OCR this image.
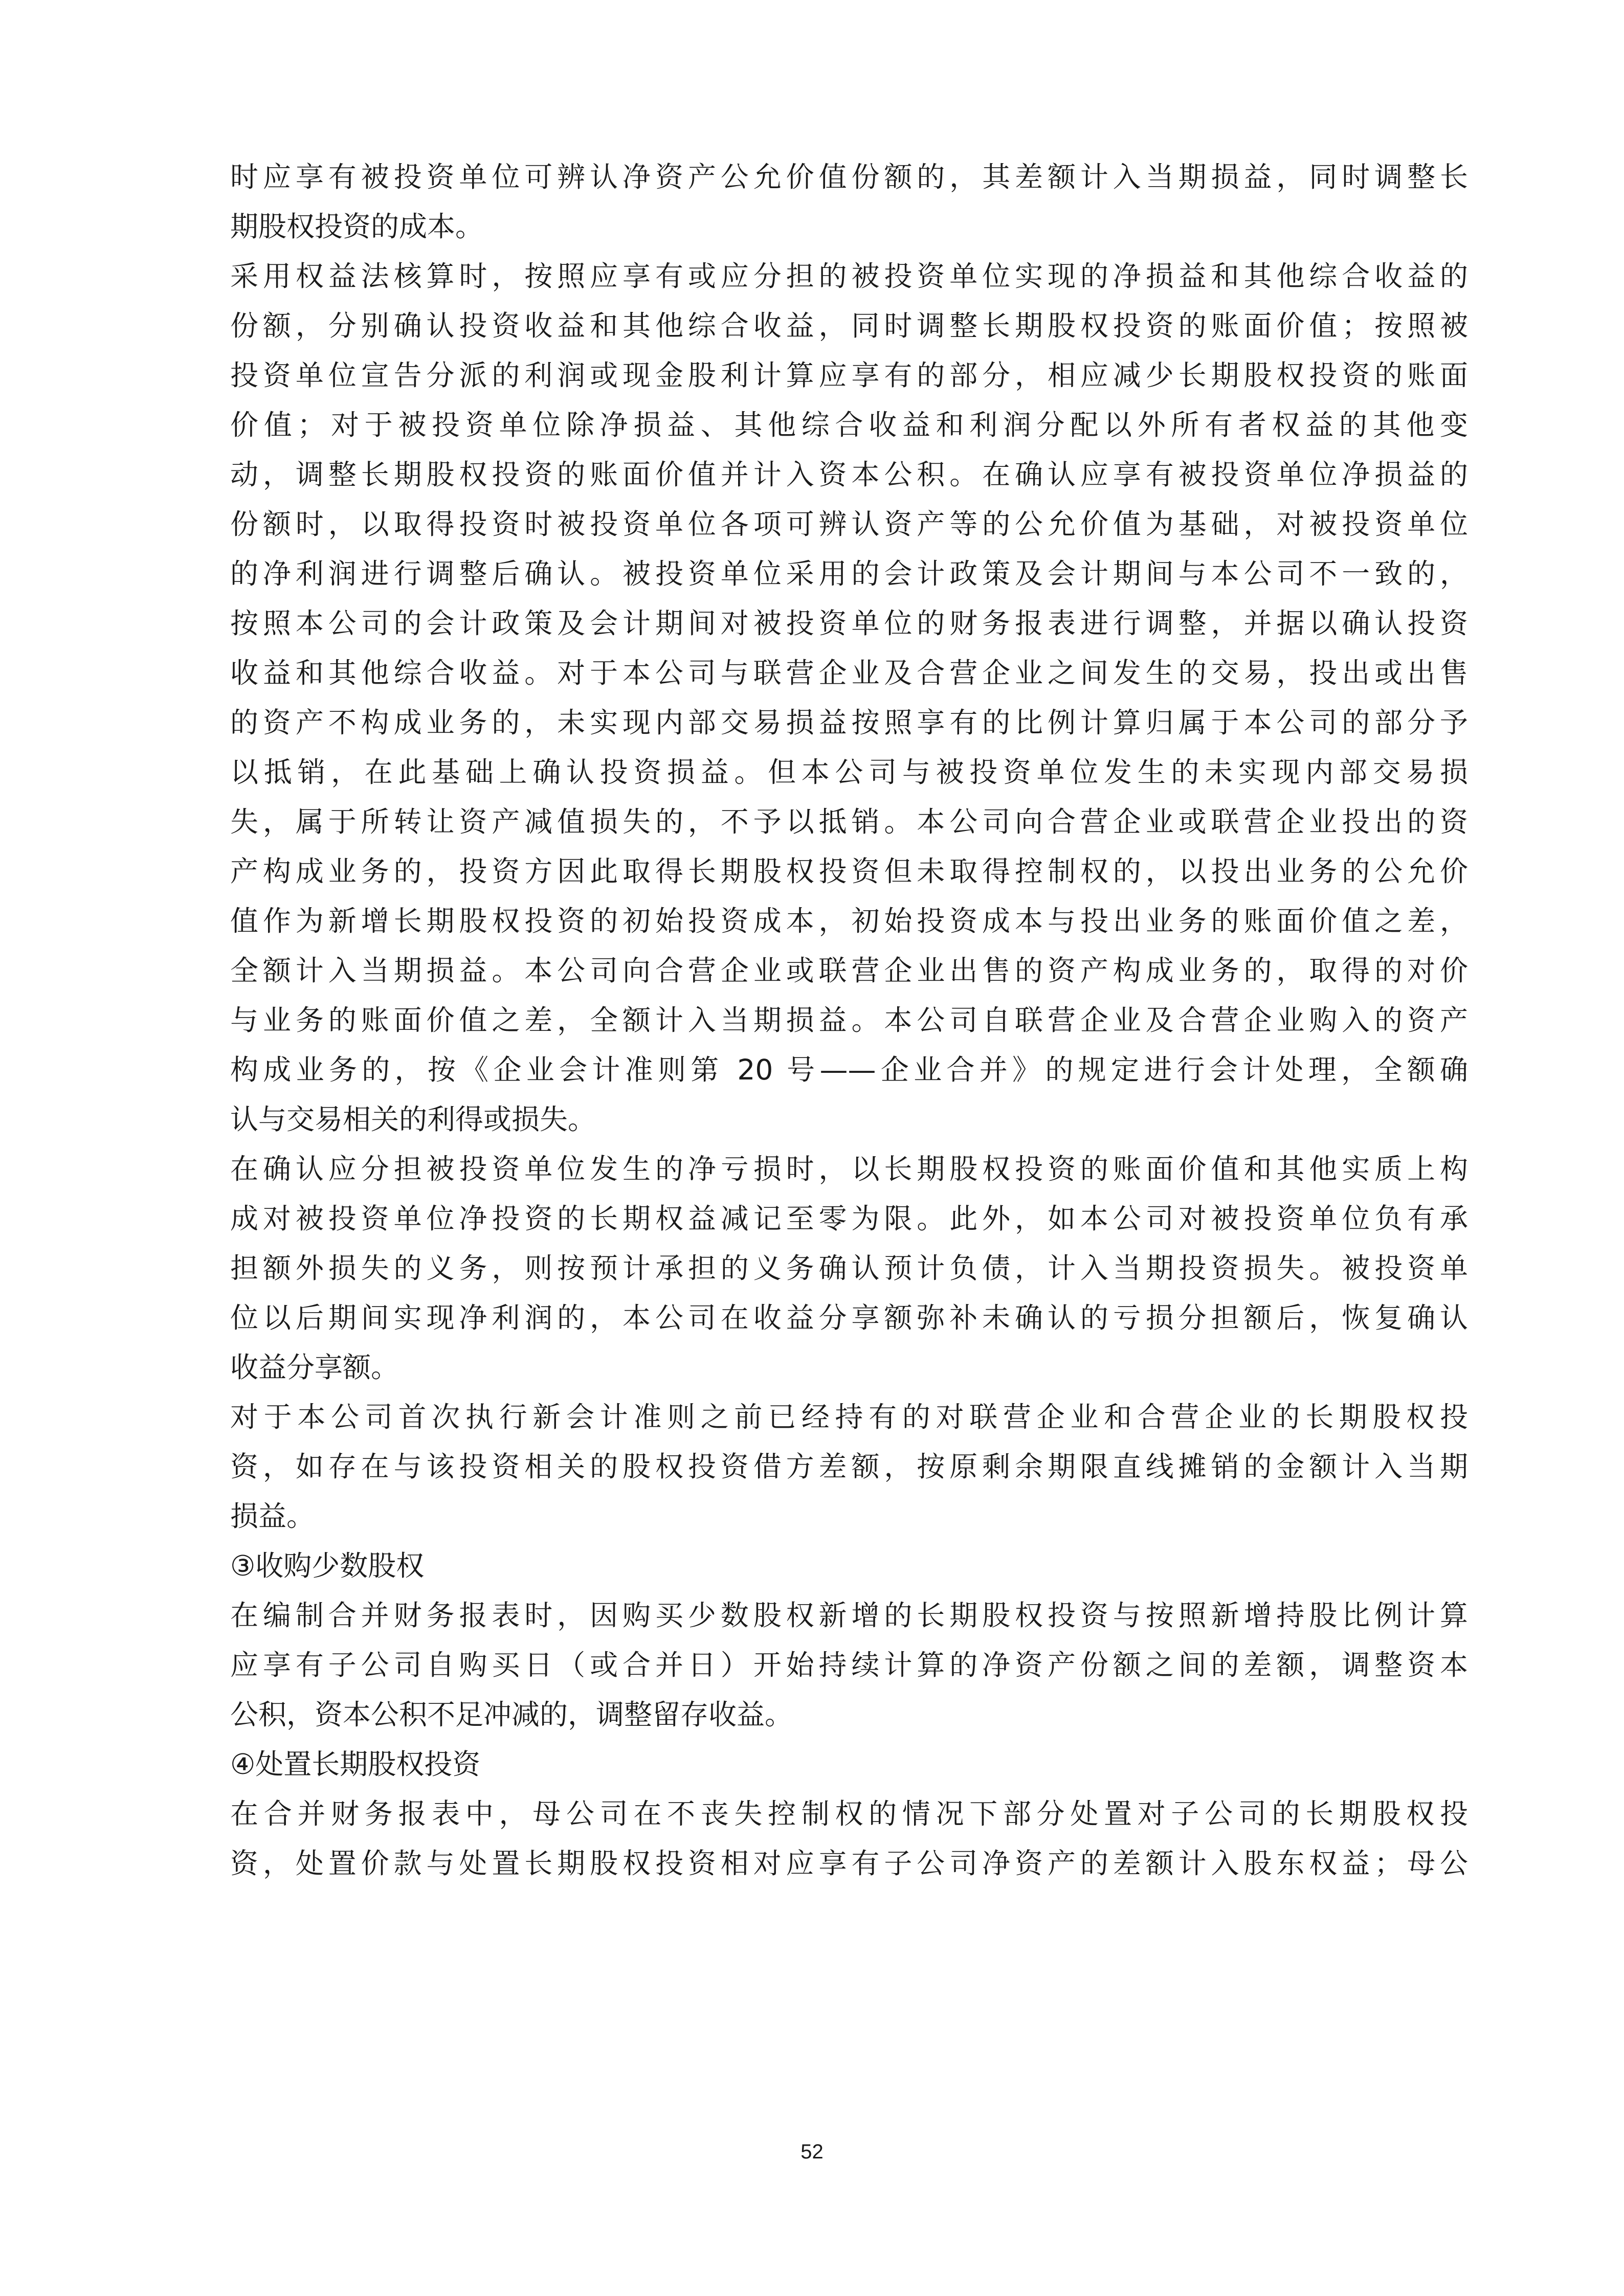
时应享有被投资单位可辨认净资产公允价值份额的，其差额计入当期损益，同时调整长
期股权投资的成本。
采用权益法核算时，按照应享有或应分担的被投资单位实现的净损益和其他综合收益的
份额，分别确认投资收益和其他综合收益，同时调整长期股权投资的账面价值；按照被
投资单位宣告分派的利润或现金股利计算应享有的部分，相应减少长期股权投资的账面
价值；对于被投资单位除净损益、其他综合收益和利润分配以外所有者权益的其他变
动，调整长期股权投资的账面价值并计入资本公积。在确认应享有被投资单位净损益的
份额时，以取得投资时被投资单位各项可辨认资产等的公允价值为基础，对被投资单位
的净利润进行调整后确认。被投资单位采用的会计政策及会计期间与本公司不一致的，
按照本公司的会计政策及会计期间对被投资单位的财务报表进行调整，并据以确认投资
收益和其他综合收益。对于本公司与联营企业及合营企业之间发生的交易，投出或出售
的资产不构成业务的，未实现内部交易损益按照享有的比例计算归属于本公司的部分予
以抵销，在此基础上确认投资损益。但本公司与被投资单位发生的未实现内部交易损
失，属于所转让资产减值损失的，不予以抵销。本公司向合营企业或联营企业投出的资
产构成业务的，投资方因此取得长期股权投资但未取得控制权的，以投出业务的公允价
值作为新增长期股权投资的初始投资成本，初始投资成本与投出业务的账面价值之差，
全额计入当期损益。本公司向合营企业或联营企业出售的资产构成业务的，取得的对价
与业务的账面价值之差，全额计入当期损益。本公司自联营企业及合营企业购入的资产
构成业务的，按《企业会计准则第 20 号——企业合并》的规定进行会计处理，全额确
认与交易相关的利得或损失。
在确认应分担被投资单位发生的净亏损时，以长期股权投资的账面价值和其他实质上构
成对被投资单位净投资的长期权益减记至零为限。此外，如本公司对被投资单位负有承
担额外损失的义务，则按预计承担的义务确认预计负债，计入当期投资损失。被投资单
位以后期间实现净利润的，本公司在收益分享额弥补未确认的亏损分担额后，恢复确认
收益分享额。
对于本公司首次执行新会计准则之前已经持有的对联营企业和合营企业的长期股权投
资，如存在与该投资相关的股权投资借方差额，按原剩余期限直线摊销的金额计入当期
损益。
③收购少数股权
在编制合并财务报表时，因购买少数股权新增的长期股权投资与按照新增持股比例计算
应享有子公司自购买日（或合并日）开始持续计算的净资产份额之间的差额，调整资本
公积，资本公积不足冲减的，调整留存收益。
④处置长期股权投资
在合并财务报表中，母公司在不丧失控制权的情况下部分处置对子公司的长期股权投
资，处置价款与处置长期股权投资相对应享有子公司净资产的差额计入股东权益；母公
52
